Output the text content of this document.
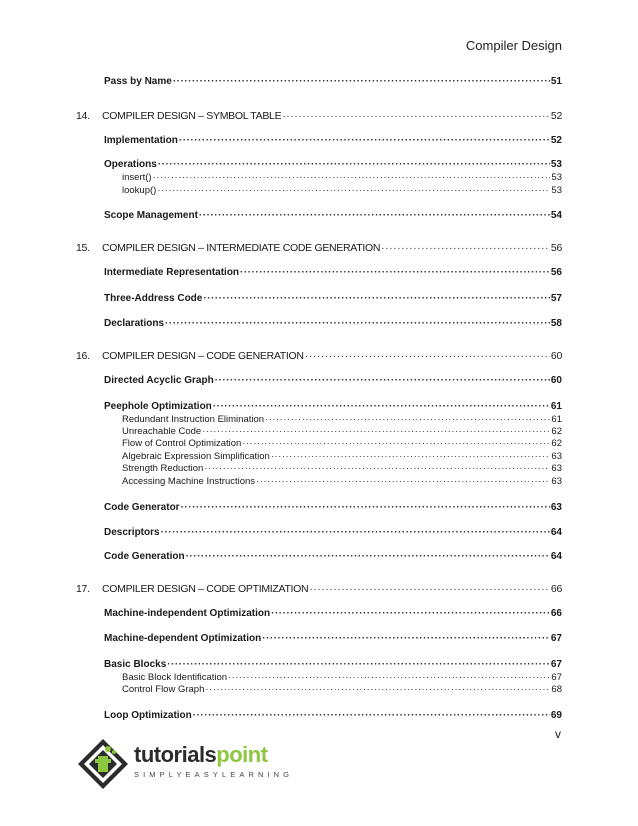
Compiler Design
Pass by Name ·····	51
14. COMPILER DESIGN – SYMBOL TABLE ·····	52
Implementation ·····	52
Operations ·····	53
insert() ·····	53
lookup() ·····	53
Scope Management ·····	54
15. COMPILER DESIGN – INTERMEDIATE CODE GENERATION ·····	56
Intermediate Representation ·····	56
Three-Address Code ·····	57
Declarations ·····	58
16. COMPILER DESIGN – CODE GENERATION ·····	60
Directed Acyclic Graph ·····	60
Peephole Optimization ·····	61
Redundant Instruction Elimination ·····	61
Unreachable Code ·····	62
Flow of Control Optimization ·····	62
Algebraic Expression Simplification ·····	63
Strength Reduction ·····	63
Accessing Machine Instructions ·····	63
Code Generator ·····	63
Descriptors ·····	64
Code Generation ·····	64
17. COMPILER DESIGN – CODE OPTIMIZATION ·····	66
Machine-independent Optimization ·····	66
Machine-dependent Optimization ·····	67
Basic Blocks ·····	67
Basic Block Identification ·····	67
Control Flow Graph ·····	68
Loop Optimization ·····	69
v
tutorialspoint
SIMPLYEASYLEARNING
